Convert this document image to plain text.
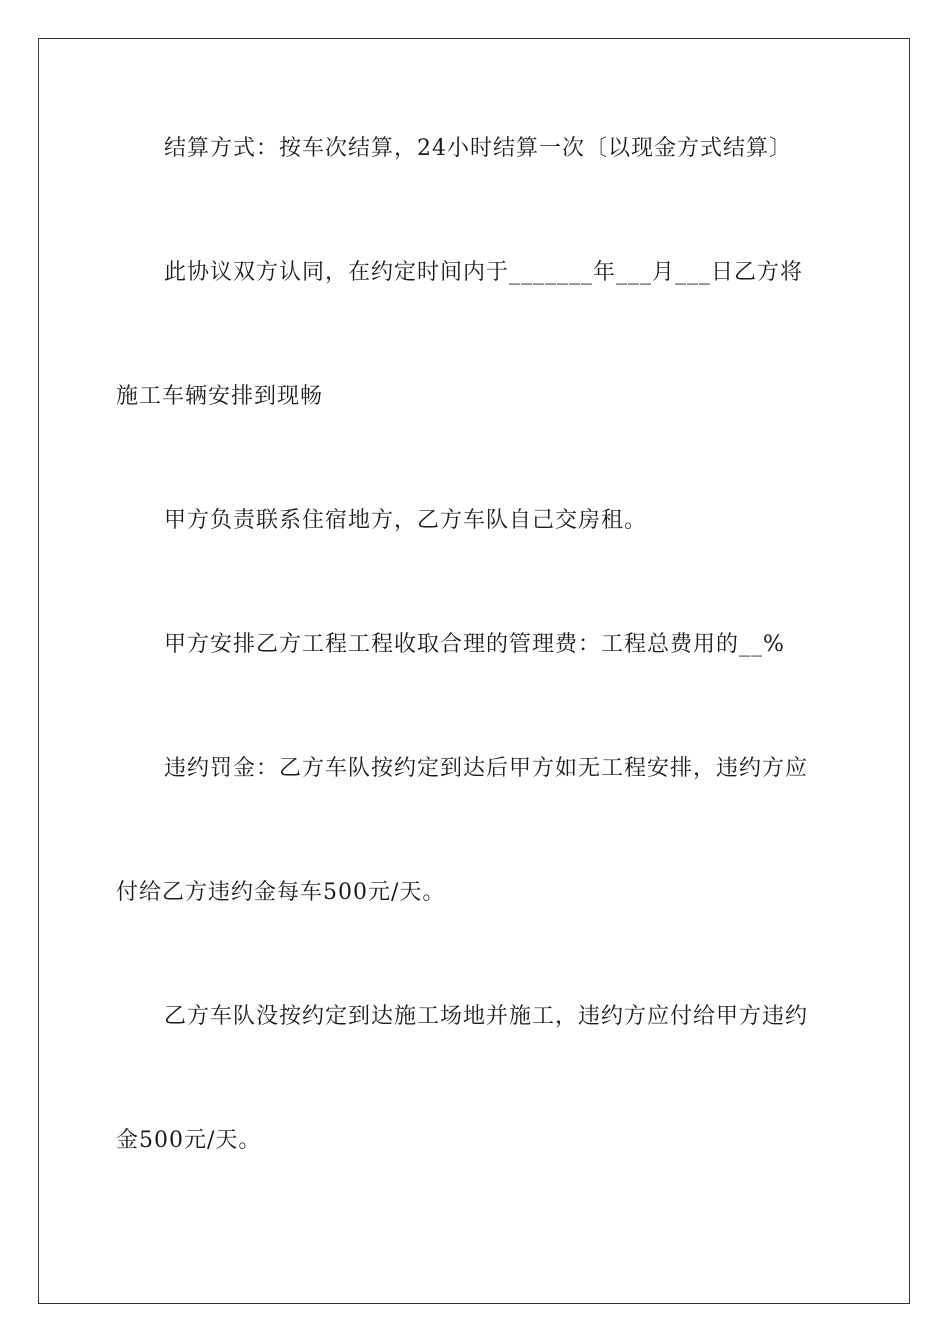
结算方式：按车次结算，24小时结算一次〔以现金方式结算〕
此协议双方认同，在约定时间内于_______年___月___日乙方将
施工车辆安排到现畅
甲方负责联系住宿地方，乙方车队自己交房租。
甲方安排乙方工程工程收取合理的管理费：工程总费用的__%
违约罚金：乙方车队按约定到达后甲方如无工程安排，违约方应
付给乙方违约金每车500元/天。
乙方车队没按约定到达施工场地并施工，违约方应付给甲方违约
金500元/天。
